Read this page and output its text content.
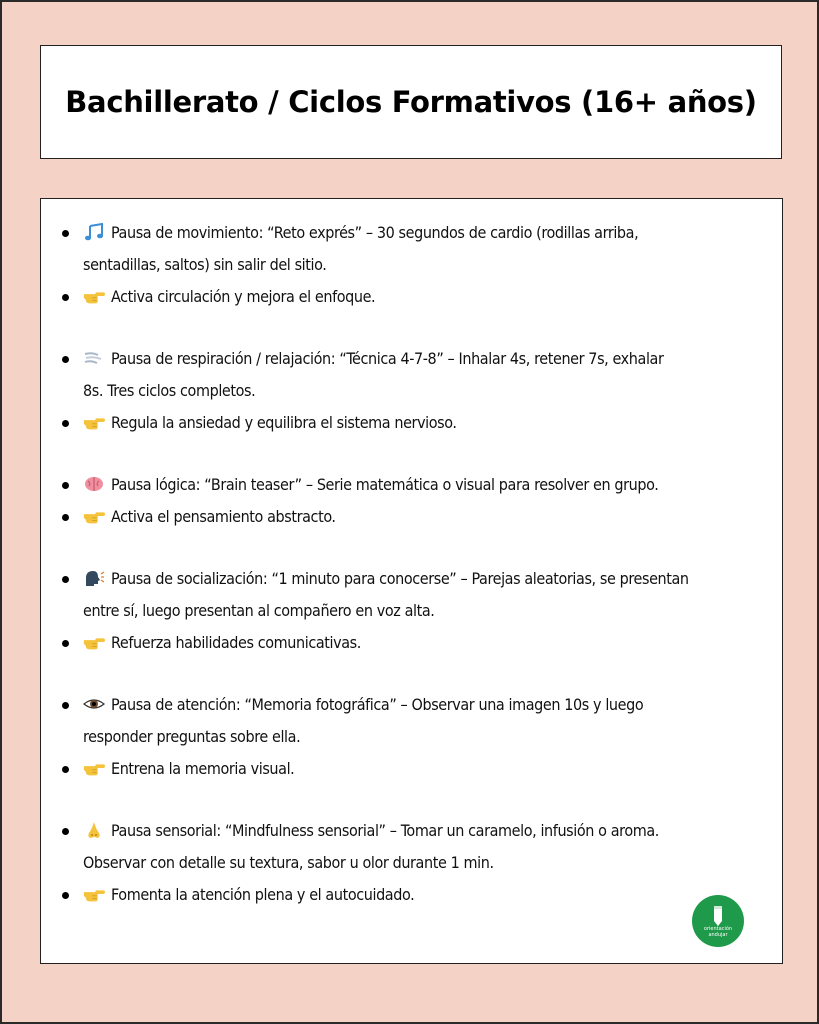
Bachillerato / Ciclos Formativos (16+ años)
Pausa de movimiento: “Reto exprés” – 30 segundos de cardio (rodillas arriba,
sentadillas, saltos) sin salir del sitio.
Activa circulación y mejora el enfoque.
Pausa de respiración / relajación: “Técnica 4-7-8” – Inhalar 4s, retener 7s, exhalar
8s. Tres ciclos completos.
Regula la ansiedad y equilibra el sistema nervioso.
Pausa lógica: “Brain teaser” – Serie matemática o visual para resolver en grupo.
Activa el pensamiento abstracto.
Pausa de socialización: “1 minuto para conocerse” – Parejas aleatorias, se presentan
entre sí, luego presentan al compañero en voz alta.
Refuerza habilidades comunicativas.
Pausa de atención: “Memoria fotográfica” – Observar una imagen 10s y luego
responder preguntas sobre ella.
Entrena la memoria visual.
Pausa sensorial: “Mindfulness sensorial” – Tomar un caramelo, infusión o aroma.
Observar con detalle su textura, sabor u olor durante 1 min.
Fomenta la atención plena y el autocuidado.
orientación
andujar
